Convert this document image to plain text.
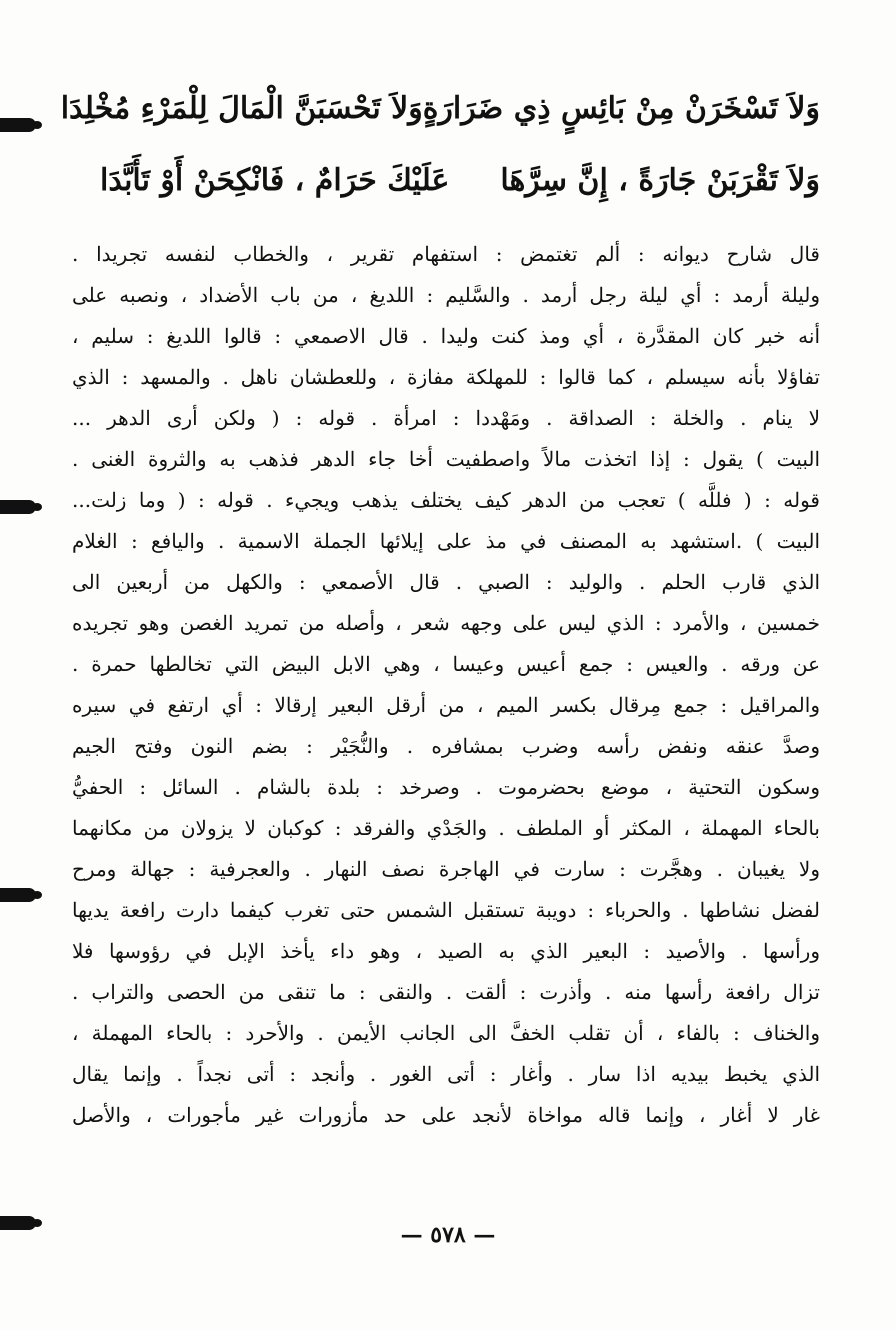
وَلاَ تَسْخَرَنْ مِنْ بَائِسٍ ذِي ضَرَارَةٍ
وَلاَ تَحْسَبَنَّ الْمَالَ لِلْمَرْءِ مُخْلِدَا
وَلاَ تَقْرَبَنْ جَارَةً ، إِنَّ سِرَّهَا
عَلَيْكَ حَرَامٌ ، فَانْكِحَنْ أَوْ تَأَبَّدَا
قال شارح ديوانه : ألم تغتمض : استفهام تقرير ، والخطاب لنفسه تجريدا .
وليلة أرمد : أي ليلة رجل أرمد . والسَّليم : اللديغ ، من باب الأضداد ، ونصبه على
أنه خبر كان المقدَّرة ، أي ومذ كنت وليدا . قال الاصمعي : قالوا اللديغ : سليم ،
تفاؤلا بأنه سيسلم ، كما قالوا : للمهلكة مفازة ، وللعطشان ناهل . والمسهد : الذي
لا ينام . والخلة : الصداقة . ومَهْددا : امرأة . قوله : ( ولكن أرى الدهر ...
البيت ) يقول : إذا اتخذت مالاً واصطفيت أخا جاء الدهر فذهب به والثروة الغنى .
قوله : ( فللَّه ) تعجب من الدهر كيف يختلف يذهب ويجيء . قوله : ( وما زلت...
البيت ) .استشهد به المصنف في مذ على إيلائها الجملة الاسمية . واليافع : الغلام
الذي قارب الحلم . والوليد : الصبي . قال الأصمعي : والكهل من أربعين الى
خمسين ، والأمرد : الذي ليس على وجهه شعر ، وأصله من تمريد الغصن وهو تجريده
عن ورقه . والعيس : جمع أعيس وعيسا ، وهي الابل البيض التي تخالطها حمرة .
والمراقيل : جمع مِرقال بكسر الميم ، من أرقل البعير إرقالا : أي ارتفع في سيره
وصدَّ عنقه ونفض رأسه وضرب بمشافره . والنُّجَيْر : بضم النون وفتح الجيم
وسكون التحتية ، موضع بحضرموت . وصرخد : بلدة بالشام . السائل : الحفيُّ
بالحاء المهملة ، المكثر أو الملطف . والجَدْي والفرقد : كوكبان لا يزولان من مكانهما
ولا يغيبان . وهجَّرت : سارت في الهاجرة نصف النهار . والعجرفية : جهالة ومرح
لفضل نشاطها . والحرباء : دويبة تستقبل الشمس حتى تغرب كيفما دارت رافعة يديها
ورأسها . والأصيد : البعير الذي به الصيد ، وهو داء يأخذ الإبل في رؤوسها فلا
تزال رافعة رأسها منه . وأذرت : ألقت . والنقى : ما تنقى من الحصى والتراب .
والخناف : بالفاء ، أن تقلب الخفَّ الى الجانب الأيمن . والأحرد : بالحاء المهملة ،
الذي يخبط بيديه اذا سار . وأغار : أتى الغور . وأنجد : أتى نجداً . وإنما يقال
غار لا أغار ، وإنما قاله مواخاة لأنجد على حد مأزورات غير مأجورات ، والأصل
— ٥٧٨ —
